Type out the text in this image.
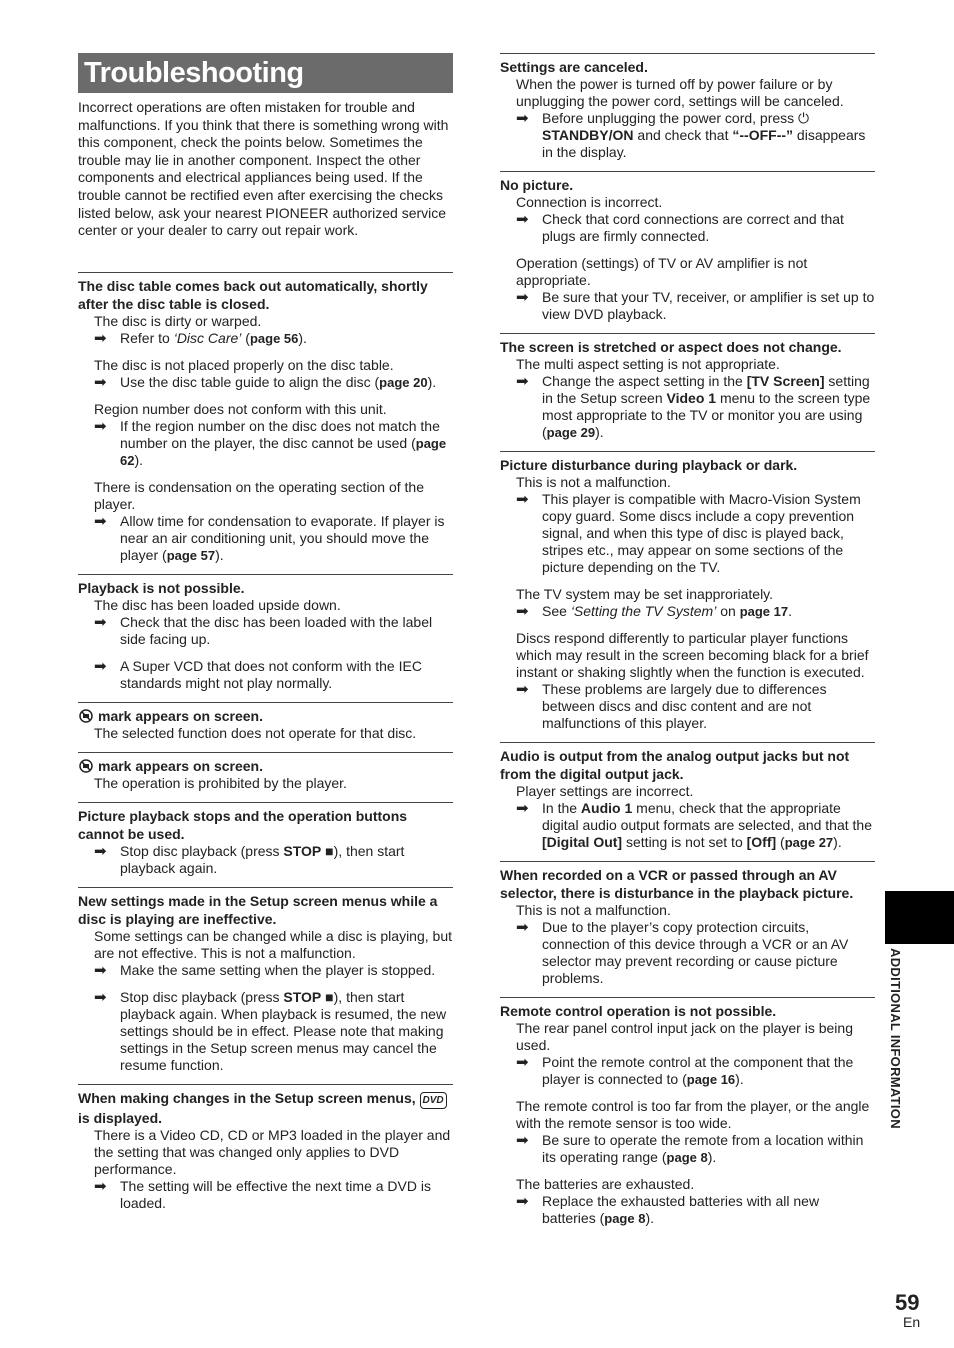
Troubleshooting
Incorrect operations are often mistaken for trouble and malfunctions. If you think that there is something wrong with this component, check the points below. Sometimes the trouble may lie in another component. Inspect the other components and electrical appliances being used. If the trouble cannot be rectified even after exercising the checks listed below, ask your nearest PIONEER authorized service center or your dealer to carry out repair work.
The disc table comes back out automatically, shortly after the disc table is closed.
The disc is dirty or warped.
➡ Refer to ‘Disc Care’ (page 56).
The disc is not placed properly on the disc table.
➡ Use the disc table guide to align the disc (page 20).
Region number does not conform with this unit.
➡ If the region number on the disc does not match the number on the player, the disc cannot be used (page 62).
There is condensation on the operating section of the player.
➡ Allow time for condensation to evaporate. If player is near an air conditioning unit, you should move the player (page 57).
Playback is not possible.
The disc has been loaded upside down.
➡ Check that the disc has been loaded with the label side facing up.
➡ A Super VCD that does not conform with the IEC standards might not play normally.
mark appears on screen.
The selected function does not operate for that disc.
mark appears on screen.
The operation is prohibited by the player.
Picture playback stops and the operation buttons cannot be used.
➡ Stop disc playback (press STOP ■), then start playback again.
New settings made in the Setup screen menus while a disc is playing are ineffective.
Some settings can be changed while a disc is playing, but are not effective. This is not a malfunction.
➡ Make the same setting when the player is stopped.
➡ Stop disc playback (press STOP ■), then start playback again. When playback is resumed, the new settings should be in effect. Please note that making settings in the Setup screen menus may cancel the resume function.
When making changes in the Setup screen menus, DVD is displayed.
There is a Video CD, CD or MP3 loaded in the player and the setting that was changed only applies to DVD performance.
➡ The setting will be effective the next time a DVD is loaded.
Settings are canceled.
When the power is turned off by power failure or by unplugging the power cord, settings will be canceled.
➡ Before unplugging the power cord, press ⏻ STANDBY/ON and check that “--OFF--” disappears in the display.
No picture.
Connection is incorrect.
➡ Check that cord connections are correct and that plugs are firmly connected.
Operation (settings) of TV or AV amplifier is not appropriate.
➡ Be sure that your TV, receiver, or amplifier is set up to view DVD playback.
The screen is stretched or aspect does not change.
The multi aspect setting is not appropriate.
➡ Change the aspect setting in the [TV Screen] setting in the Setup screen Video 1 menu to the screen type most appropriate to the TV or monitor you are using (page 29).
Picture disturbance during playback or dark.
This is not a malfunction.
➡ This player is compatible with Macro-Vision System copy guard. Some discs include a copy prevention signal, and when this type of disc is played back, stripes etc., may appear on some sections of the picture depending on the TV.
The TV system may be set inapproriately.
➡ See ‘Setting the TV System’ on page 17.
Discs respond differently to particular player functions which may result in the screen becoming black for a brief instant or shaking slightly when the function is executed.
➡ These problems are largely due to differences between discs and disc content and are not malfunctions of this player.
Audio is output from the analog output jacks but not from the digital output jack.
Player settings are incorrect.
➡ In the Audio 1 menu, check that the appropriate digital audio output formats are selected, and that the [Digital Out] setting is not set to [Off] (page 27).
When recorded on a VCR or passed through an AV selector, there is disturbance in the playback picture.
This is not a malfunction.
➡ Due to the player’s copy protection circuits, connection of this device through a VCR or an AV selector may prevent recording or cause picture problems.
Remote control operation is not possible.
The rear panel control input jack on the player is being used.
➡ Point the remote control at the component that the player is connected to (page 16).
The remote control is too far from the player, or the angle with the remote sensor is too wide.
➡ Be sure to operate the remote from a location within its operating range (page 8).
The batteries are exhausted.
➡ Replace the exhausted batteries with all new batteries (page 8).
ADDITIONAL INFORMATION
59
En
